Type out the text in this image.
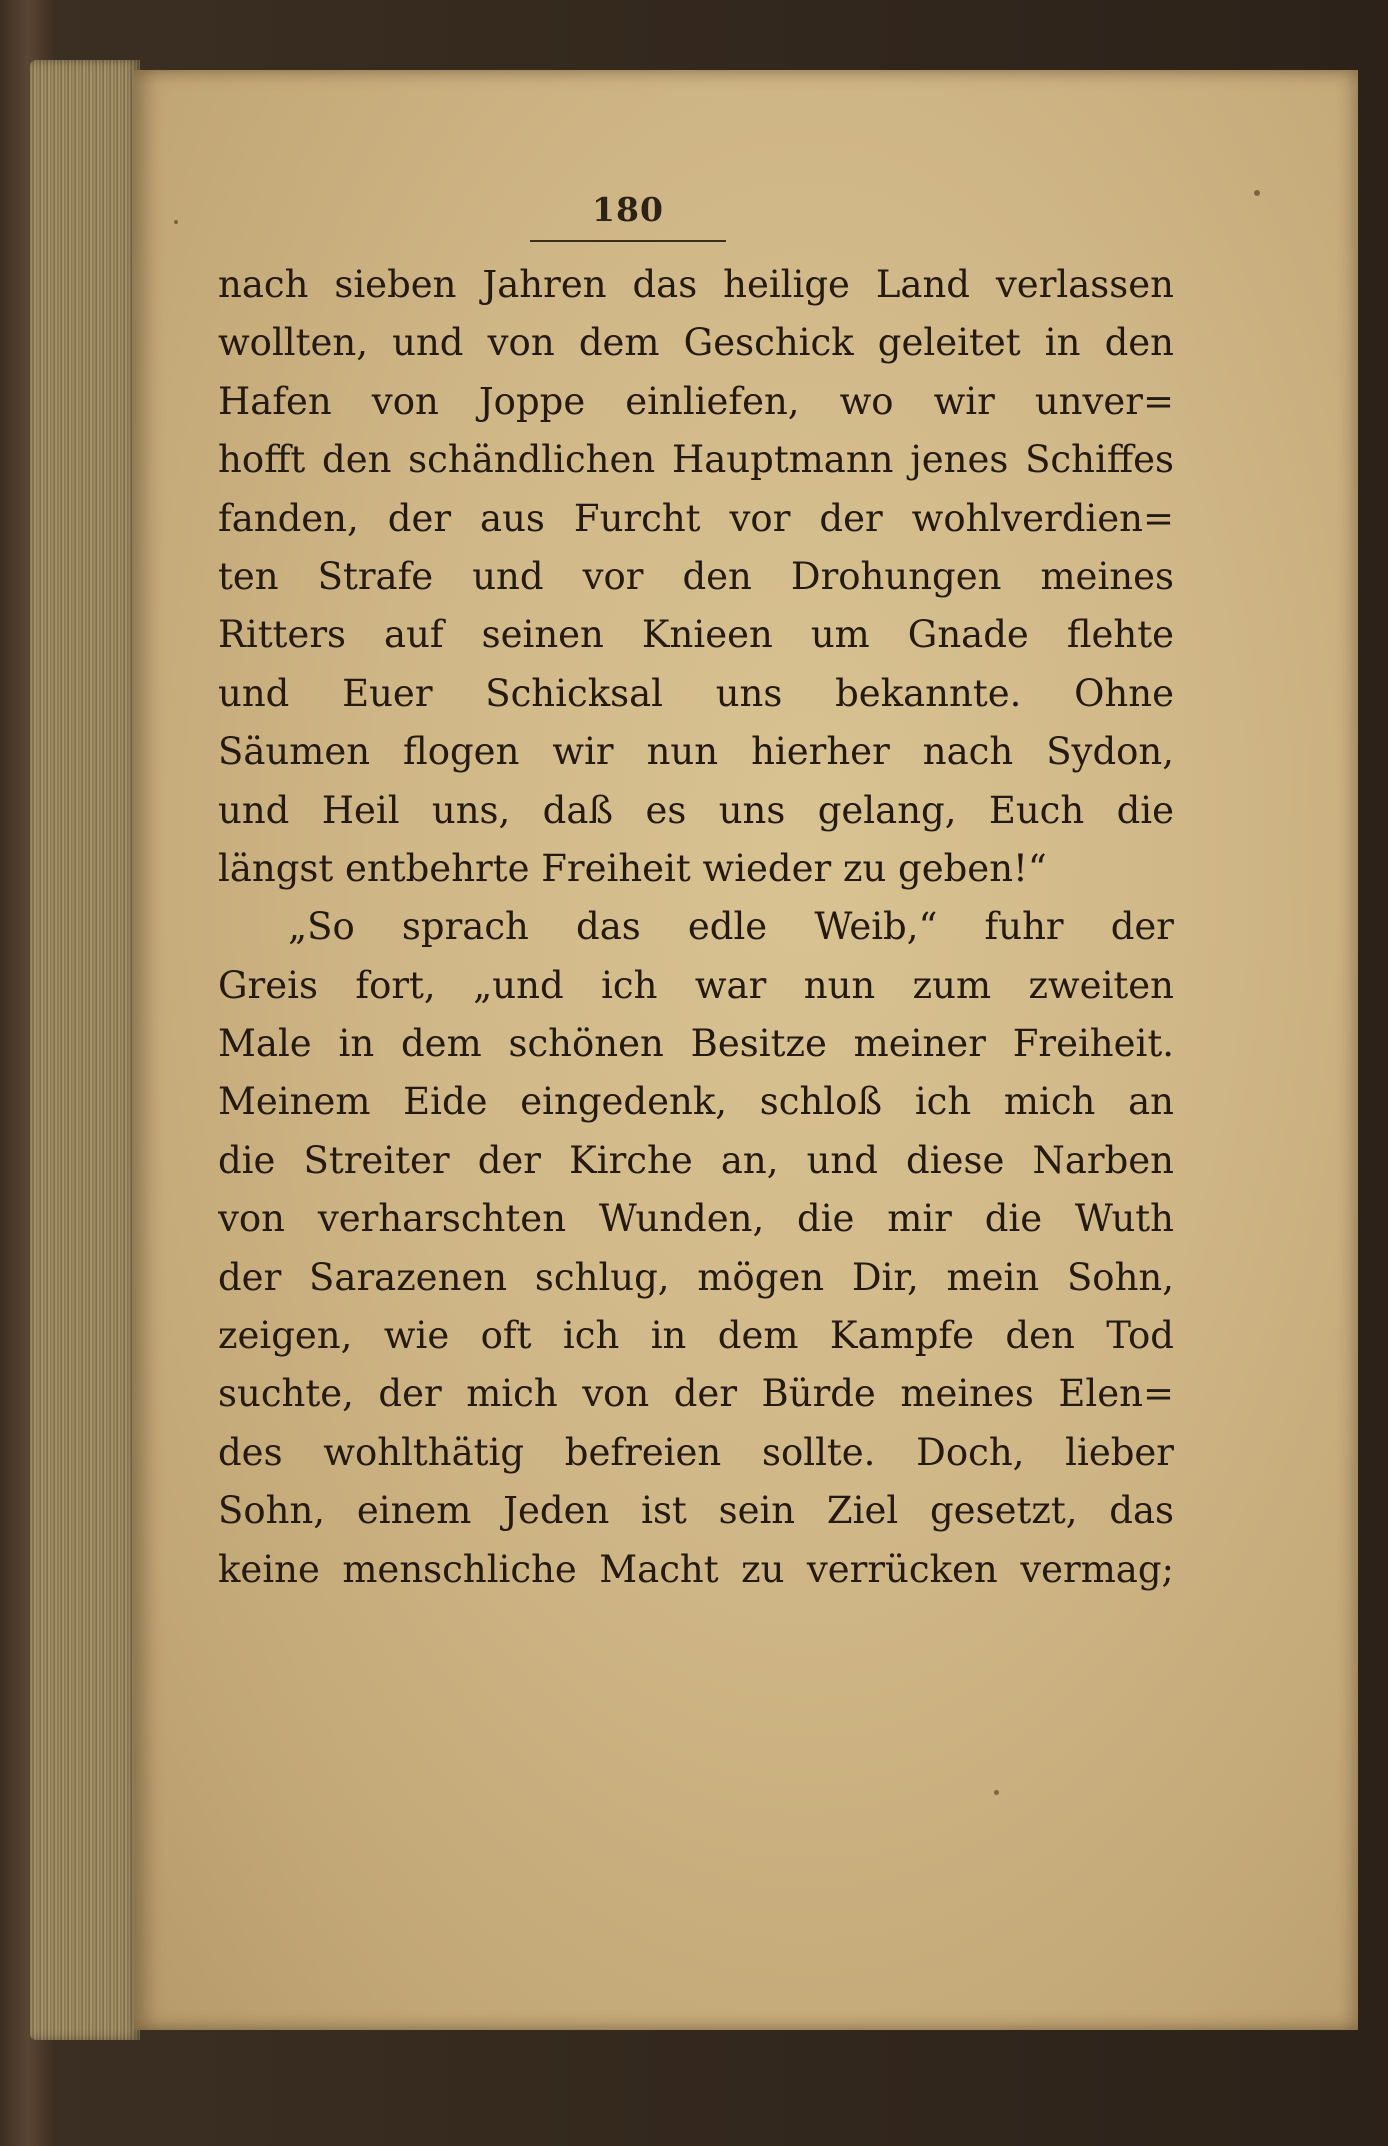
180
nach sieben Jahren das heilige Land verlassen
wollten, und von dem Geschick geleitet in den
Hafen von Joppe einliefen, wo wir unver=
hofft den schändlichen Hauptmann jenes Schiffes
fanden, der aus Furcht vor der wohlverdien=
ten Strafe und vor den Drohungen meines
Ritters auf seinen Knieen um Gnade flehte
und Euer Schicksal uns bekannte. Ohne
Säumen flogen wir nun hierher nach Sydon,
und Heil uns, daß es uns gelang, Euch die
längst entbehrte Freiheit wieder zu geben!“
„So sprach das edle Weib,“ fuhr der
Greis fort, „und ich war nun zum zweiten
Male in dem schönen Besitze meiner Freiheit.
Meinem Eide eingedenk, schloß ich mich an
die Streiter der Kirche an, und diese Narben
von verharschten Wunden, die mir die Wuth
der Sarazenen schlug, mögen Dir, mein Sohn,
zeigen, wie oft ich in dem Kampfe den Tod
suchte, der mich von der Bürde meines Elen=
des wohlthätig befreien sollte. Doch, lieber
Sohn, einem Jeden ist sein Ziel gesetzt, das
keine menschliche Macht zu verrücken vermag;
